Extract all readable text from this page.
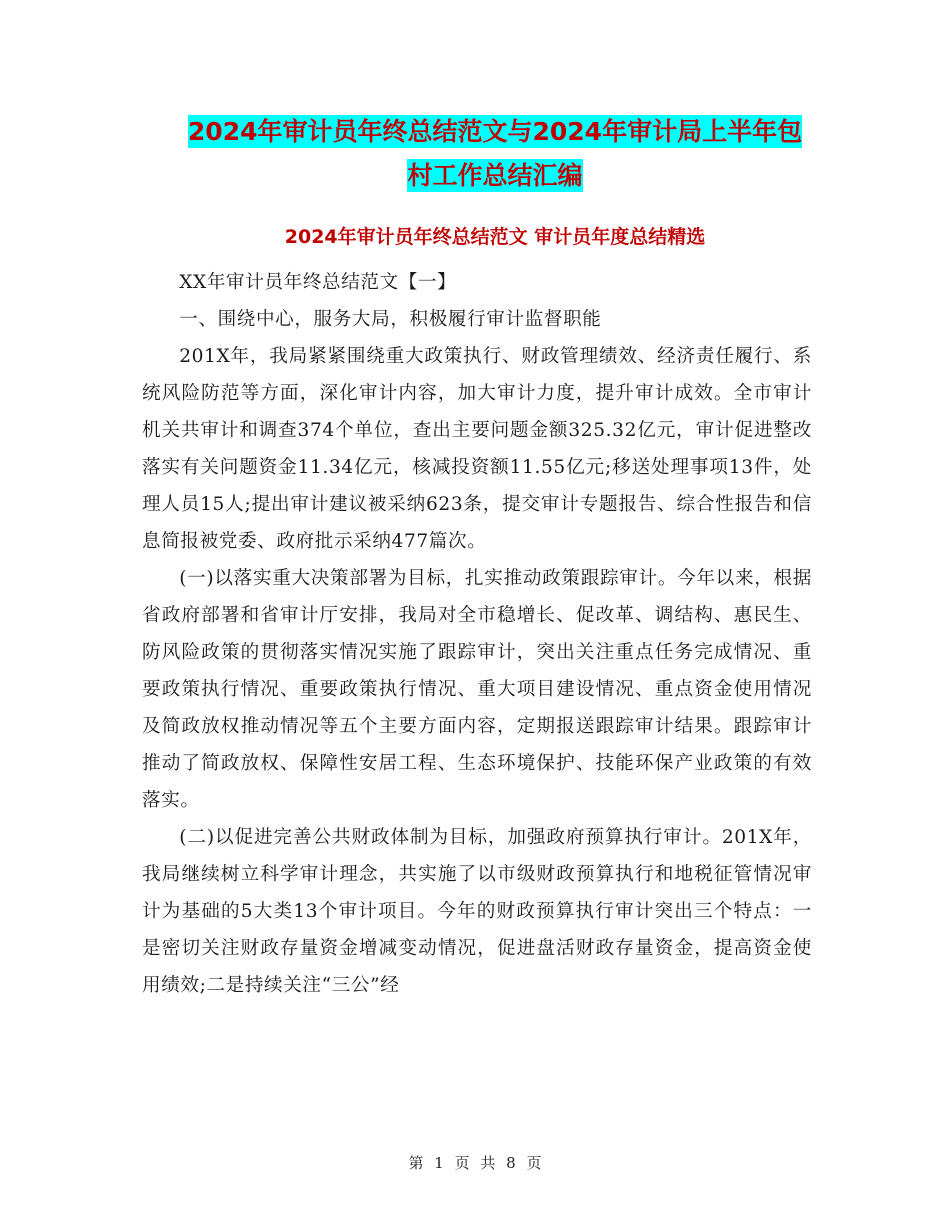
2024年审计员年终总结范文与2024年审计局上半年包
村工作总结汇编
2024年审计员年终总结范文 审计员年度总结精选

XX年审计员年终总结范文【一】

一、围绕中心，服务大局，积极履行审计监督职能

201X年，我局紧紧围绕重大政策执行、财政管理绩效、经济责任履行、系统风险防范等方面，深化审计内容，加大审计力度，提升审计成效。全市审计机关共审计和调查374个单位，查出主要问题金额325.32亿元，审计促进整改落实有关问题资金11.34亿元，核减投资额11.55亿元;移送处理事项13件，处理人员15人;提出审计建议被采纳623条，提交审计专题报告、综合性报告和信息简报被党委、政府批示采纳477篇次。

(一)以落实重大决策部署为目标，扎实推动政策跟踪审计。今年以来，根据省政府部署和省审计厅安排，我局对全市稳增长、促改革、调结构、惠民生、防风险政策的贯彻落实情况实施了跟踪审计，突出关注重点任务完成情况、重要政策执行情况、重要政策执行情况、重大项目建设情况、重点资金使用情况及简政放权推动情况等五个主要方面内容，定期报送跟踪审计结果。跟踪审计推动了简政放权、保障性安居工程、生态环境保护、技能环保产业政策的有效落实。

(二)以促进完善公共财政体制为目标，加强政府预算执行审计。201X年，我局继续树立科学审计理念，共实施了以市级财政预算执行和地税征管情况审计为基础的5大类13个审计项目。今年的财政预算执行审计突出三个特点：一是密切关注财政存量资金增减变动情况，促进盘活财政存量资金，提高资金使用绩效;二是持续关注“三公”经

第 1 页 共 8 页
